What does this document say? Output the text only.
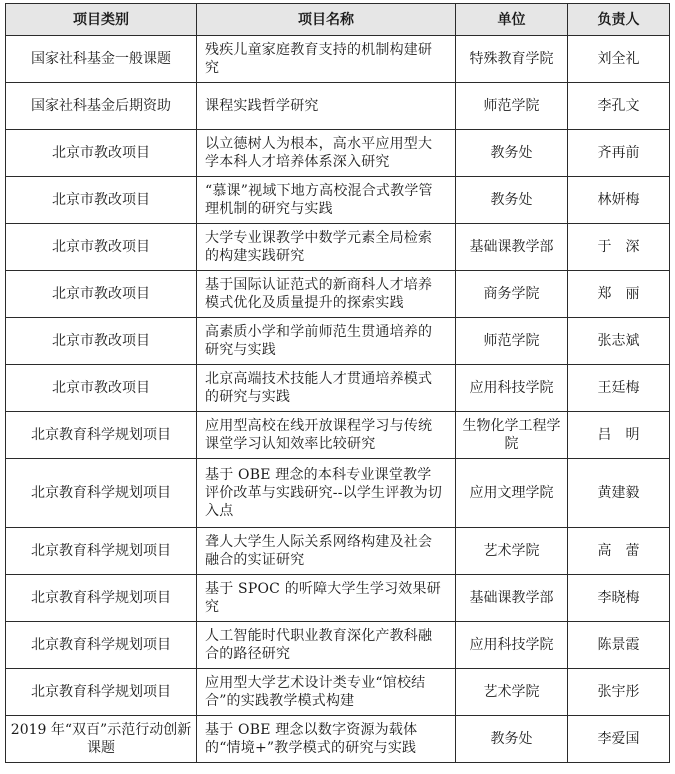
项目类别	项目名称	单位	负责人
国家社科基金一般课题	残疾儿童家庭教育支持的机制构建研究	特殊教育学院	刘全礼
国家社科基金后期资助	课程实践哲学研究	师范学院	李孔文
北京市教改项目	以立德树人为根本，高水平应用型大学本科人才培养体系深入研究	教务处	齐再前
北京市教改项目	“慕课”视域下地方高校混合式教学管理机制的研究与实践	教务处	林妍梅
北京市教改项目	大学专业课教学中数学元素全局检索的构建实践研究	基础课教学部	于　深
北京市教改项目	基于国际认证范式的新商科人才培养模式优化及质量提升的探索实践	商务学院	郑　丽
北京市教改项目	高素质小学和学前师范生贯通培养的研究与实践	师范学院	张志斌
北京市教改项目	北京高端技术技能人才贯通培养模式的研究与实践	应用科技学院	王廷梅
北京教育科学规划项目	应用型高校在线开放课程学习与传统课堂学习认知效率比较研究	生物化学工程学院	吕　明
北京教育科学规划项目	基于 OBE 理念的本科专业课堂教学评价改革与实践研究--以学生评教为切入点	应用文理学院	黄建毅
北京教育科学规划项目	聋人大学生人际关系网络构建及社会融合的实证研究	艺术学院	高　蕾
北京教育科学规划项目	基于 SPOC 的听障大学生学习效果研究	基础课教学部	李晓梅
北京教育科学规划项目	人工智能时代职业教育深化产教科融合的路径研究	应用科技学院	陈景霞
北京教育科学规划项目	应用型大学艺术设计类专业“馆校结合”的实践教学模式构建	艺术学院	张宇彤
2019 年“双百”示范行动创新课题	基于 OBE 理念以数字资源为载体的“情境+”教学模式的研究与实践	教务处	李爱国
